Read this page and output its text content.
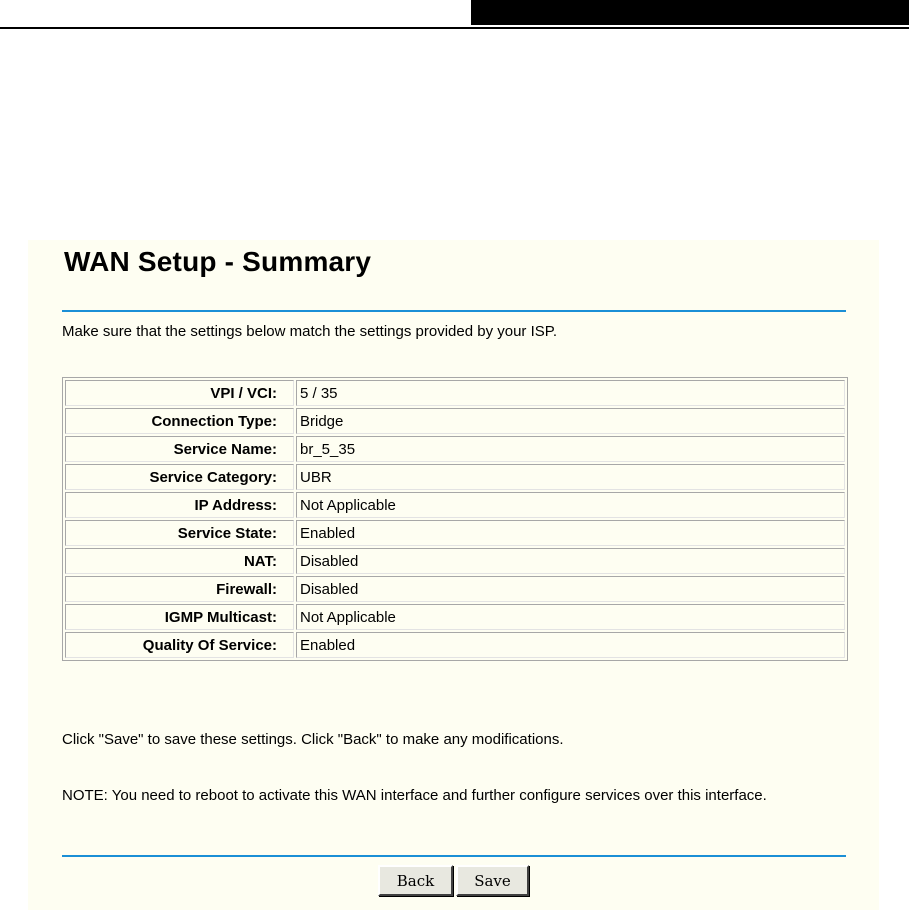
WAN Setup - Summary
Make sure that the settings below match the settings provided by your ISP.
VPI / VCI:	5 / 35
Connection Type:	Bridge
Service Name:	br_5_35
Service Category:	UBR
IP Address:	Not Applicable
Service State:	Enabled
NAT:	Disabled
Firewall:	Disabled
IGMP Multicast:	Not Applicable
Quality Of Service:	Enabled
Click "Save" to save these settings. Click "Back" to make any modifications.
NOTE: You need to reboot to activate this WAN interface and further configure services over this interface.
Back	Save
